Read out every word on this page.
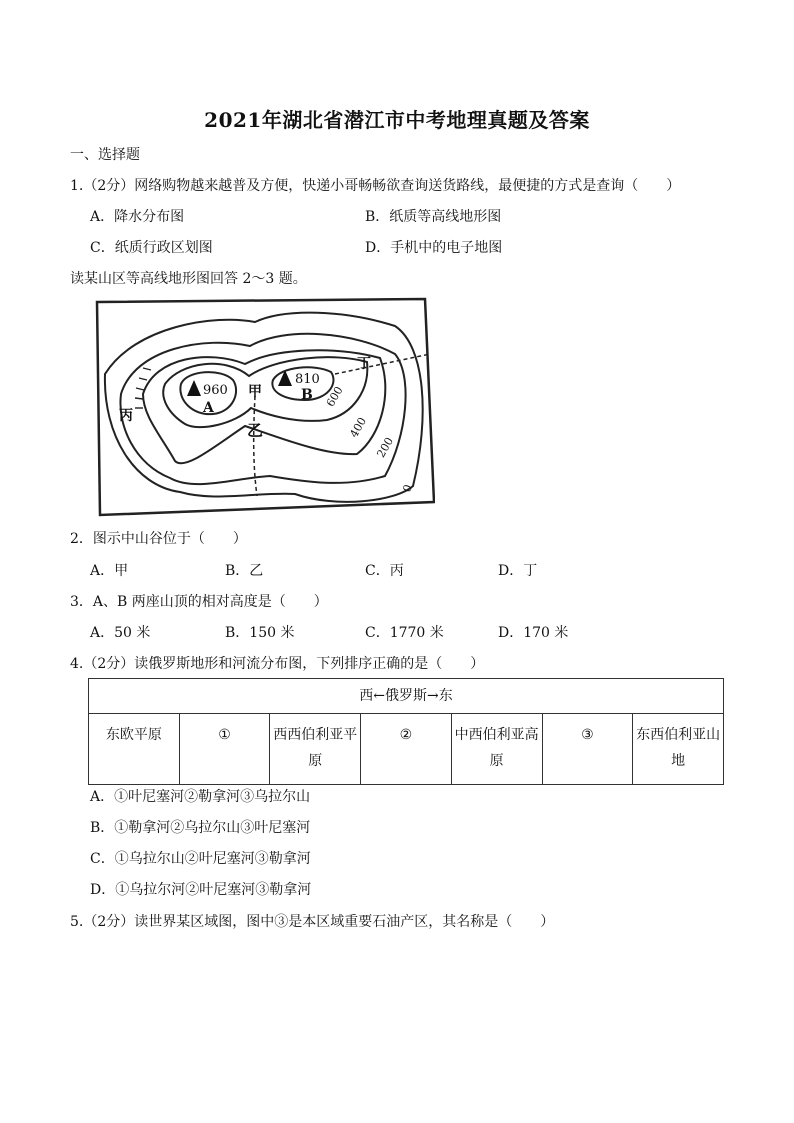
2021年湖北省潜江市中考地理真题及答案
一、选择题
1.（2分）网络购物越来越普及方便，快递小哥畅畅欲查询送货路线，最便捷的方式是查询（　　）
A．降水分布图	B．纸质等高线地形图
C．纸质行政区划图	D．手机中的电子地图
读某山区等高线地形图回答 2～3 题。
960
A
810
B
甲
乙
丙
丁
600
400
200
0
2．图示中山谷位于（　　）
A．甲	B．乙	C．丙	D．丁
3．A、B 两座山顶的相对高度是（　　）
A．50 米	B．150 米	C．1770 米	D．170 米
4.（2分）读俄罗斯地形和河流分布图，下列排序正确的是（　　）
西←俄罗斯→东
东欧平原	①	西西伯利亚平原	②	中西伯利亚高原	③	东西伯利亚山地
A．①叶尼塞河②勒拿河③乌拉尔山
B．①勒拿河②乌拉尔山③叶尼塞河
C．①乌拉尔山②叶尼塞河③勒拿河
D．①乌拉尔河②叶尼塞河③勒拿河
5.（2分）读世界某区域图，图中③是本区域重要石油产区，其名称是（　　）
